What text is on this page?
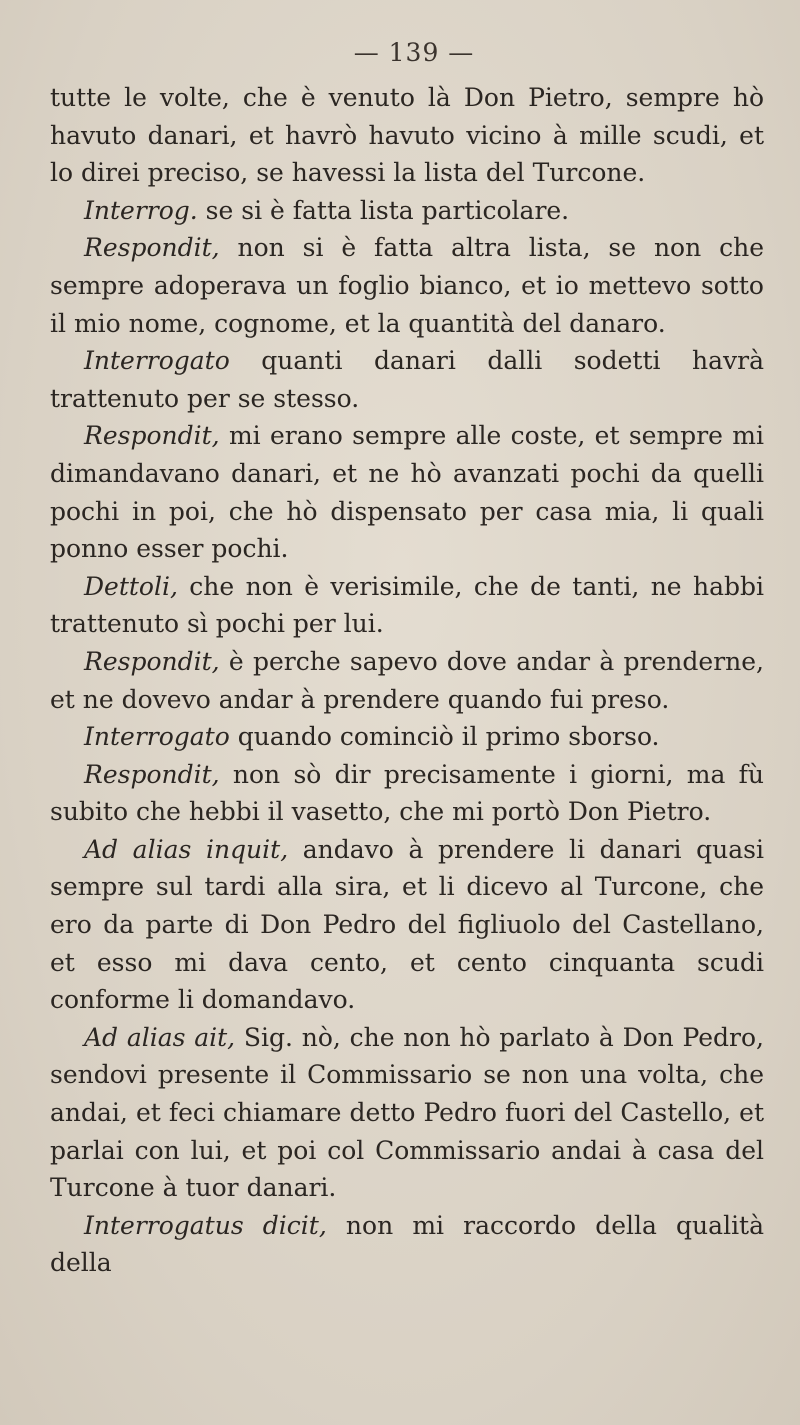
— 139 —

tutte le volte, che è venuto là Don Pietro, sempre hò havuto danari, et havrò havuto vicino à mille scudi, et lo direi preciso, se havessi la lista del Turcone.

Interrog. se si è fatta lista particolare.

Respondit, non si è fatta altra lista, se non che sempre adoperava un foglio bianco, et io mettevo sotto il mio nome, cognome, et la quantità del danaro.

Interrogato quanti danari dalli sodetti havrà trattenuto per se stesso.

Respondit, mi erano sempre alle coste, et sempre mi dimandavano danari, et ne hò avanzati pochi da quelli pochi in poi, che hò dispensato per casa mia, li quali ponno esser pochi.

Dettoli, che non è verisimile, che de tanti, ne habbi trattenuto sì pochi per lui.

Respondit, è perche sapevo dove andar à prenderne, et ne dovevo andar à prendere quando fui preso.

Interrogato quando cominciò il primo sborso.

Respondit, non sò dir precisamente i giorni, ma fù subito che hebbi il vasetto, che mi portò Don Pietro.

Ad alias inquit, andavo à prendere li danari quasi sempre sul tardi alla sira, et li dicevo al Turcone, che ero da parte di Don Pedro del figliuolo del Castellano, et esso mi dava cento, et cento cinquanta scudi conforme li domandavo.

Ad alias ait, Sig. nò, che non hò parlato à Don Pedro, sendovi presente il Commissario se non una volta, che andai, et feci chiamare detto Pedro fuori del Castello, et parlai con lui, et poi col Commissario andai à casa del Turcone à tuor danari.

Interrogatus dicit, non mi raccordo della qualità della
